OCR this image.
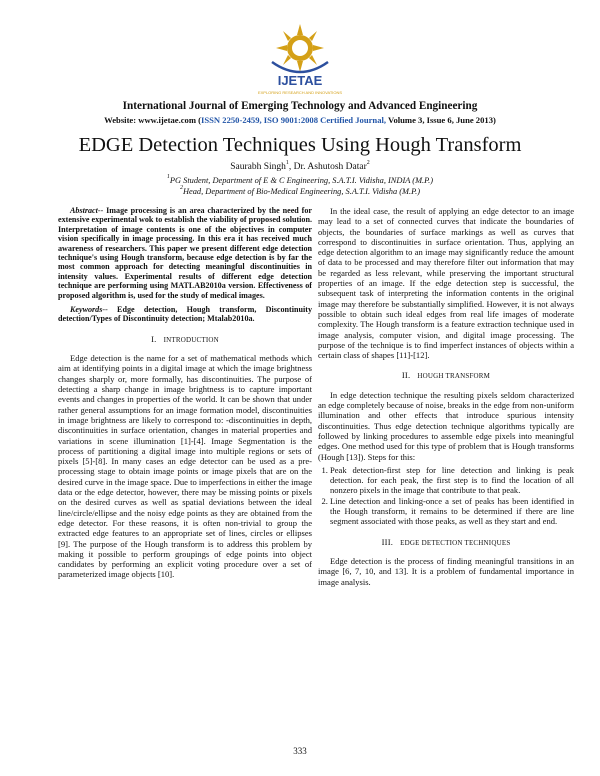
IJETAE
EXPLORING RESEARCH AND INNOVATIONS
International Journal of Emerging Technology and Advanced Engineering
Website: www.ijetae.com (ISSN 2250-2459, ISO 9001:2008 Certified Journal, Volume 3, Issue 6, June 2013)
EDGE Detection Techniques Using Hough Transform
Saurabh Singh$^1$, Dr. Ashutosh Datar$^2$
$^1$PG Student, Department of E & C Engineering, S.A.T.I. Vidisha, INDIA (M.P.)
$^2$Head, Department of Bio-Medical Engineering, S.A.T.I. Vidisha (M.P.)

Abstract-- Image processing is an area characterized by the need for extensive experimental wok to establish the viability of proposed solution. Interpretation of image contents is one of the objectives in computer vision specifically in image processing. In this era it has received much awareness of researchers. This paper we present different edge detection technique's using Hough transform, because edge detection is by far the most common approach for detecting meaningful discontinuities in intensity values. Experimental results of different edge detection technique are performing using MATLAB2010a version. Effectiveness of proposed algorithm is, used for the study of medical images.

Keywords-- Edge detection, Hough transform, Discontinuity detection/Types of Discontinuity detection; Mtalab2010a.

I. INTRODUCTION

Edge detection is the name for a set of mathematical methods which aim at identifying points in a digital image at which the image brightness changes sharply or, more formally, has discontinuities. The purpose of detecting a sharp change in image brightness is to capture important events and changes in properties of the world. It can be shown that under rather general assumptions for an image formation model, discontinuities in image brightness are likely to correspond to: -discontinuities in depth, discontinuities in surface orientation, changes in material properties and variations in scene illumination [1]-[4]. Image Segmentation is the process of partitioning a digital image into multiple regions or sets of pixels [5]-[8]. In many cases an edge detector can be used as a pre-processing stage to obtain image points or image pixels that are on the desired curve in the image space. Due to imperfections in either the image data or the edge detector, however, there may be missing points or pixels on the desired curves as well as spatial deviations between the ideal line/circle/ellipse and the noisy edge points as they are obtained from the edge detector. For these reasons, it is often non-trivial to group the extracted edge features to an appropriate set of lines, circles or ellipses [9]. The purpose of the Hough transform is to address this problem by making it possible to perform groupings of edge points into object candidates by performing an explicit voting procedure over a set of parameterized image objects [10].

In the ideal case, the result of applying an edge detector to an image may lead to a set of connected curves that indicate the boundaries of objects, the boundaries of surface markings as well as curves that correspond to discontinuities in surface orientation. Thus, applying an edge detection algorithm to an image may significantly reduce the amount of data to be processed and may therefore filter out information that may be regarded as less relevant, while preserving the important structural properties of an image. If the edge detection step is successful, the subsequent task of interpreting the information contents in the original image may therefore be substantially simplified. However, it is not always possible to obtain such ideal edges from real life images of moderate complexity. The Hough transform is a feature extraction technique used in image analysis, computer vision, and digital image processing. The purpose of the technique is to find imperfect instances of objects within a certain class of shapes [11]-[12].

II. HOUGH TRANSFORM

In edge detection technique the resulting pixels seldom characterized an edge completely because of noise, breaks in the edge from non-uniform illumination and other effects that introduce spurious intensity discontinuities. Thus edge detection technique algorithms typically are followed by linking procedures to assemble edge pixels into meaningful edges. One method used for this type of problem that is Hough transforms (Hough [13]). Steps for this:

1. Peak detection-first step for line detection and linking is peak detection. for each peak, the first step is to find the location of all nonzero pixels in the image that contribute to that peak.
2. Line detection and linking-once a set of peaks has been identified in the Hough transform, it remains to be determined if there are line segment associated with those peaks, as well as they start and end.
III. EDGE DETECTION TECHNIQUES

Edge detection is the process of finding meaningful transitions in an image [6, 7, 10, and 13]. It is a problem of fundamental importance in image analysis.

333
